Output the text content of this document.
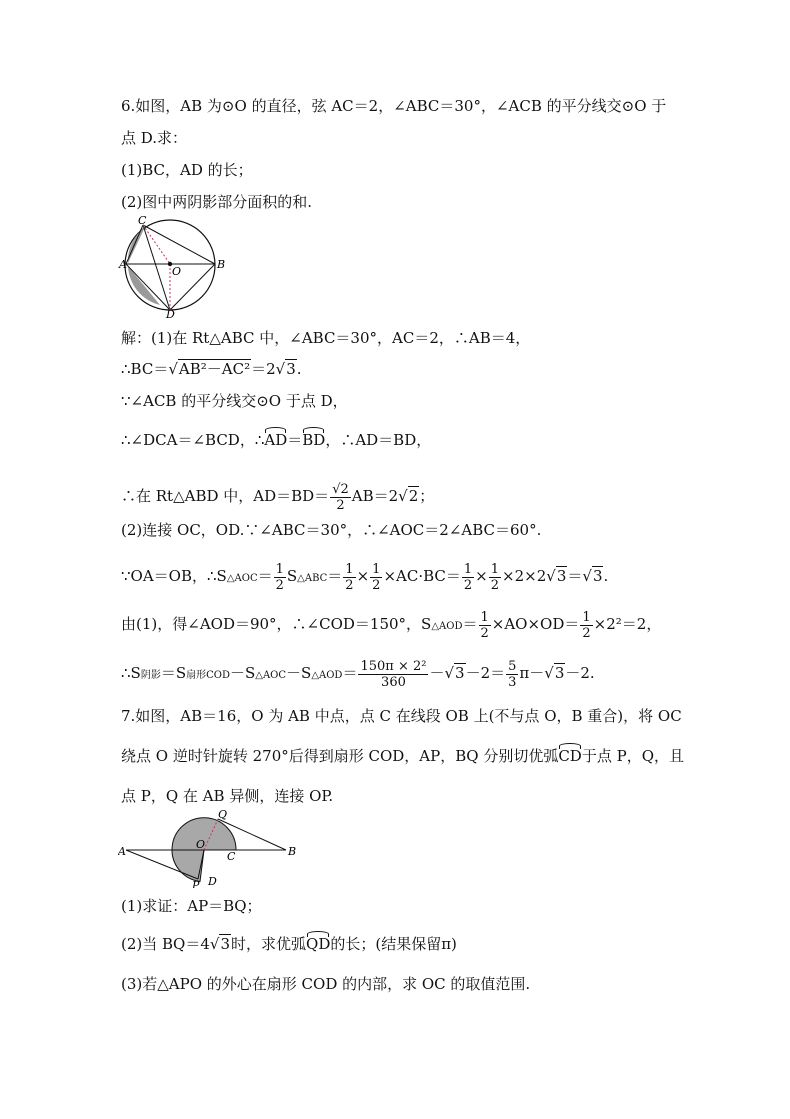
6.如图，AB 为⊙O 的直径，弦 AC＝2，∠ABC＝30°，∠ACB 的平分线交⊙O 于
点 D.求：
(1)BC，AD 的长；
(2)图中两阴影部分面积的和.
C
A
O
B
D
解：(1)在 Rt△ABC 中，∠ABC＝30°，AC＝2，∴AB＝4，
∴BC＝√AB²－AC²＝2√3.
∵∠ACB 的平分线交⊙O 于点 D，
∴∠DCA＝∠BCD，∴AD＝BD，∴AD＝BD，
∴在 Rt△ABD 中，$AD=BD= \frac{√2}{2} AB=2√2$；
(2)连接 OC，OD.∵∠ABC＝30°，∴∠AOC＝2∠ABC＝60°.
∵OA＝OB，∴S△AOC＝ $\frac{1}{2}$ S△ABC＝ $\frac{1}{2} \times \frac{1}{2} \times AC\cdot BC= \frac{1}{2} \times \frac{1}{2} \times 2\times 2√3=√3$.
由(1)，得∠AOD＝90°，∴∠COD＝150°，S△AOD＝ $\frac{1}{2} \times AO\times OD= \frac{1}{2} \times 2^2=2$，
∴S阴影＝S扇形COD－S△AOC－S△AOD＝ $\frac{\text{150π × 2²}}{360} -√3-2= \frac{5}{3} \pi-√3-2$.
7.如图，AB＝16，O 为 AB 中点，点 C 在线段 OB 上(不与点 O，B 重合)，将 OC
绕点 O 逆时针旋转 270°后得到扇形 COD，AP，BQ 分别切优弧CD于点 P，Q，且
点 P，Q 在 AB 异侧，连接 OP.
Q
A
O
C	B
P D
(1)求证：AP＝BQ；
(2)当 BQ＝4√3时，求优弧QD的长；(结果保留π)
(3)若△APO 的外心在扇形 COD 的内部，求 OC 的取值范围.
